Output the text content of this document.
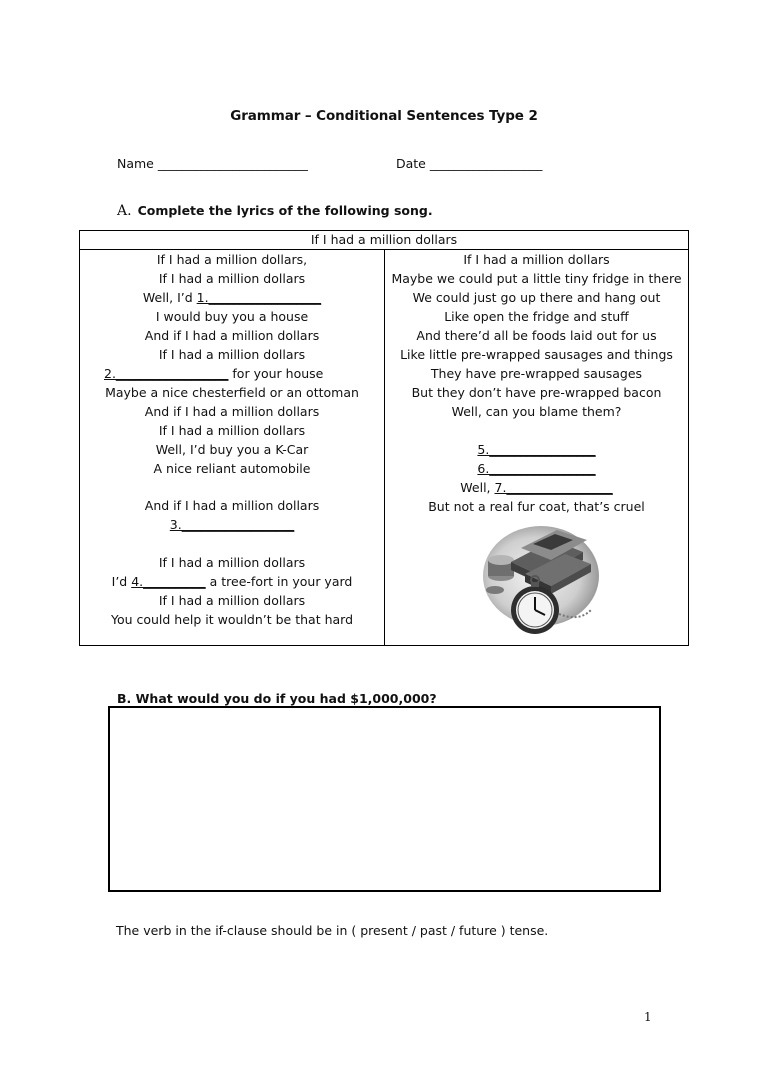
Grammar – Conditional Sentences Type 2
Name ________________________	Date __________________
A. Complete the lyrics of the following song.
If I had a million dollars
If I had a million dollars,
If I had a million dollars
Well, I’d 1.__________________
I would buy you a house
And if I had a million dollars
If I had a million dollars
2.__________________ for your house
Maybe a nice chesterfield or an ottoman
And if I had a million dollars
If I had a million dollars
Well, I’d buy you a K-Car
A nice reliant automobile
And if I had a million dollars
3.__________________
If I had a million dollars
I’d 4.__________ a tree-fort in your yard
If I had a million dollars
You could help it wouldn’t be that hard
If I had a million dollars
Maybe we could put a little tiny fridge in there
We could just go up there and hang out
Like open the fridge and stuff
And there’d all be foods laid out for us
Like little pre-wrapped sausages and things
They have pre-wrapped sausages
But they don’t have pre-wrapped bacon
Well, can you blame them?
5._________________
6._________________
Well, 7._________________
But not a real fur coat, that’s cruel
B. What would you do if you had $1,000,000?
The verb in the if-clause should be in ( present / past / future ) tense.
1
